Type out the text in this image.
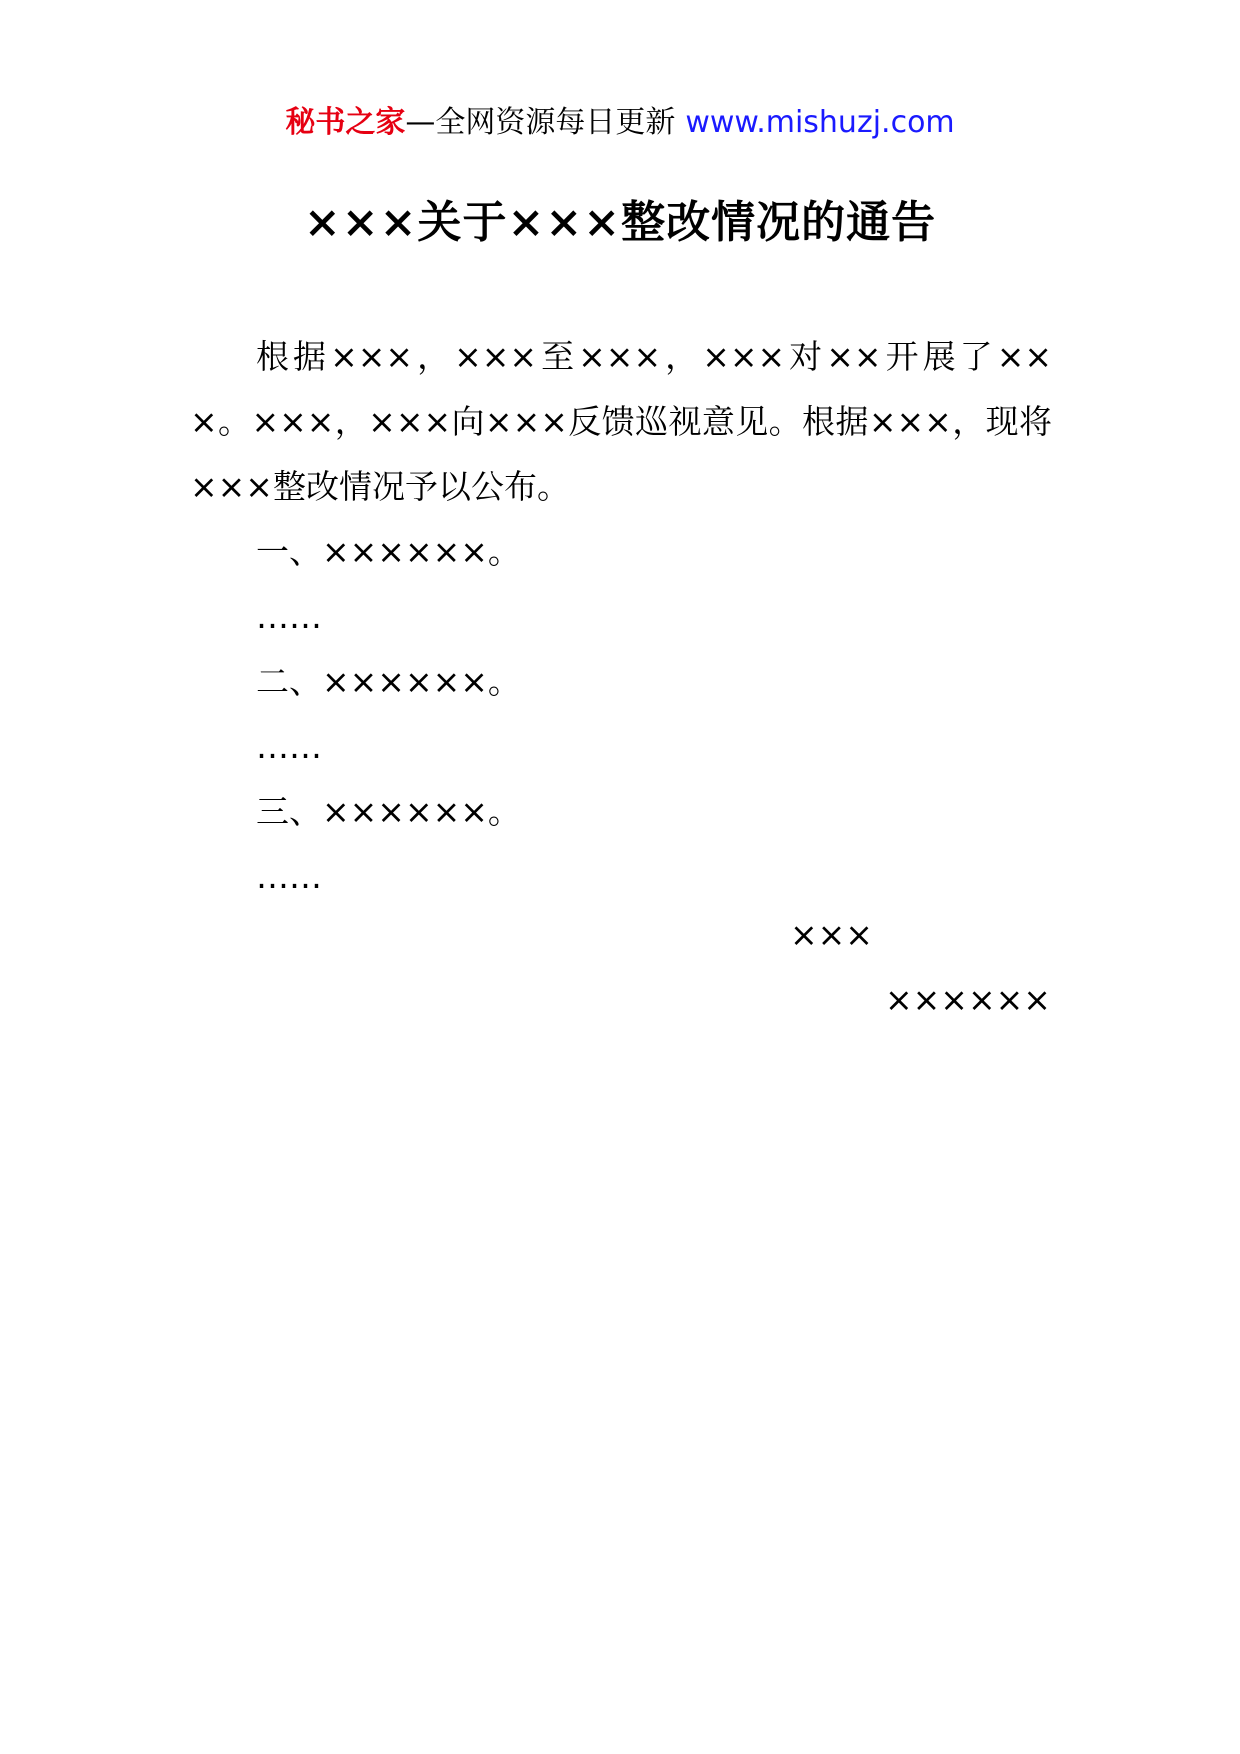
秘书之家—全网资源每日更新 www.mishuzj.com
×××关于×××整改情况的通告

根据×××，×××至×××，×××对××开展了×××。×××，×××向×××反馈巡视意见。根据×××，现将×××整改情况予以公布。

一、××××××。

……

二、××××××。

……

三、××××××。

……

×××
××××××
